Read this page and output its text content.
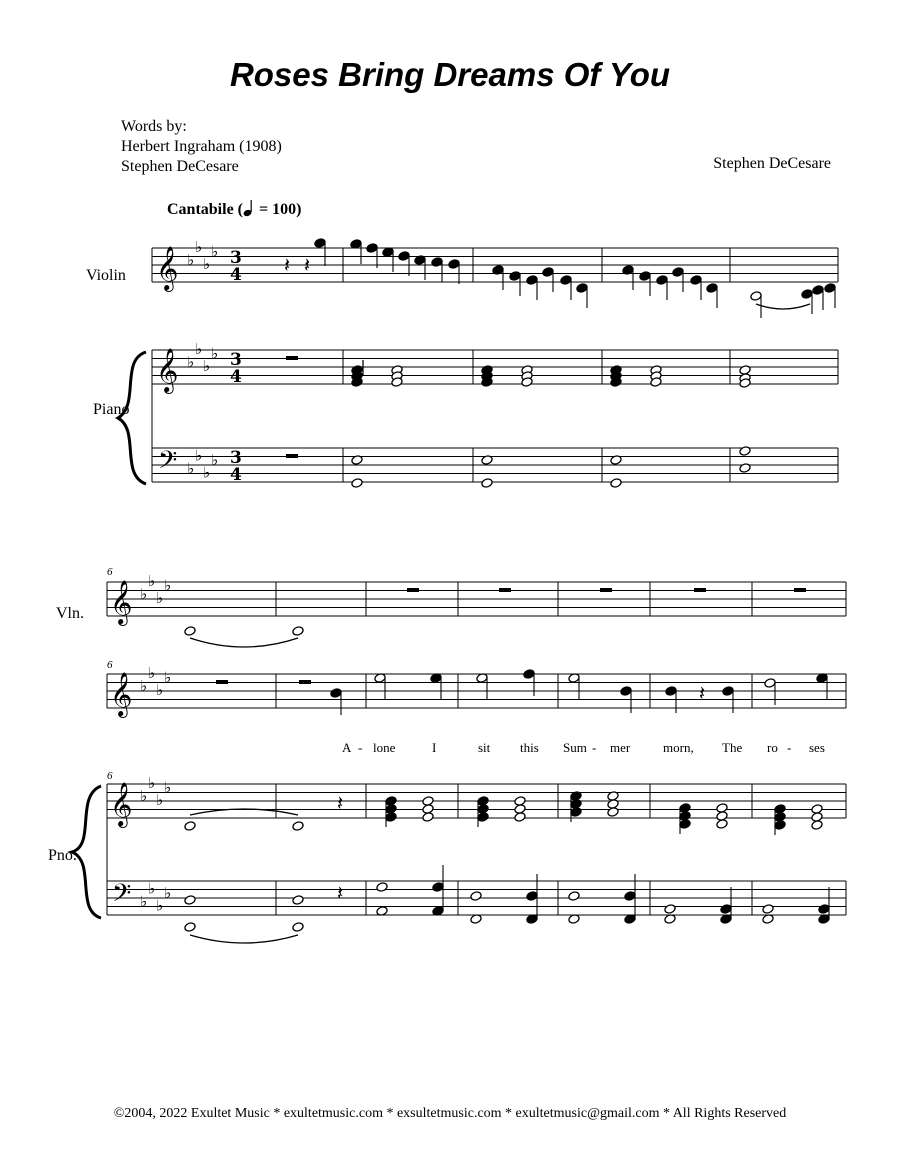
Roses Bring Dreams Of You
Words by:
Herbert Ingraham (1908)
Stephen DeCesare	Stephen DeCesare
Cantabile ( = 100)
Violin
Piano
Vln.
Pno.
6
6
6
A - lone	I	sit this Sum - mer	morn, The ro - ses
𝄞 ♭
♭
♭
♭ 3
4
𝄞 ♭
♭
♭
♭ 3
4
𝄢 ♭
♭
♭
♭ 3
4
𝄽 𝄽
𝄞 ♭
♭
♭
♭
𝄞 ♭
♭
♭
♭
𝄞 ♭
♭
♭
♭
𝄢 ♭
♭
♭
♭
𝄽
𝄽
𝄽
©2004, 2022 Exultet Music * exultetmusic.com * exsultetmusic.com * exultetmusic@gmail.com * All Rights Reserved
